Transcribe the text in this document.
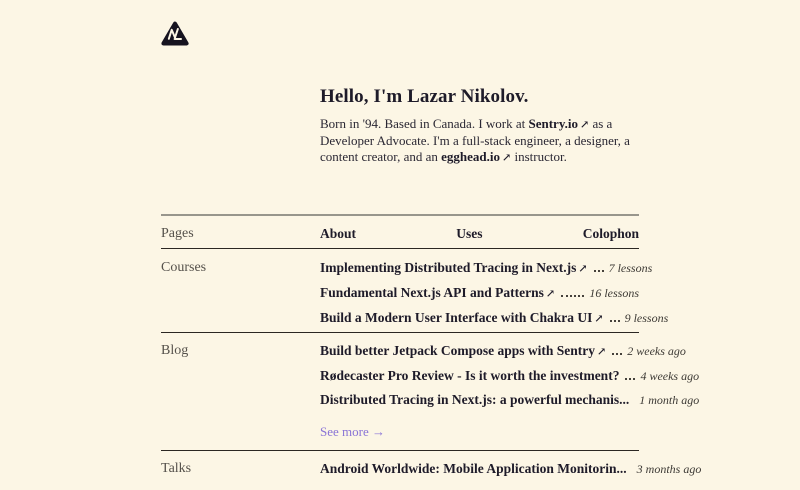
Hello, I'm Lazar Nikolov.

Born in '94. Based in Canada. I work at Sentry.io ↗ as a Developer Advocate. I'm a full-stack engineer, a designer, a content creator, and an egghead.io ↗ instructor.

Pages	About	Uses	Colophon
Courses	Implementing Distributed Tracing in Next.js ↗ 7 lessons
Fundamental Next.js API and Patterns ↗	16 lessons
Build a Modern User Interface with Chakra UI ↗ 9 lessons
Blog	Build better Jetpack Compose apps with Sentry ↗ 2 weeks ago
Rødecaster Pro Review - Is it worth the investment? 4 weeks ago
Distributed Tracing in Next.js: a powerful mechanis... 1 month ago
See more →
Talks	Android Worldwide: Mobile Application Monitorin... 3 months ago
